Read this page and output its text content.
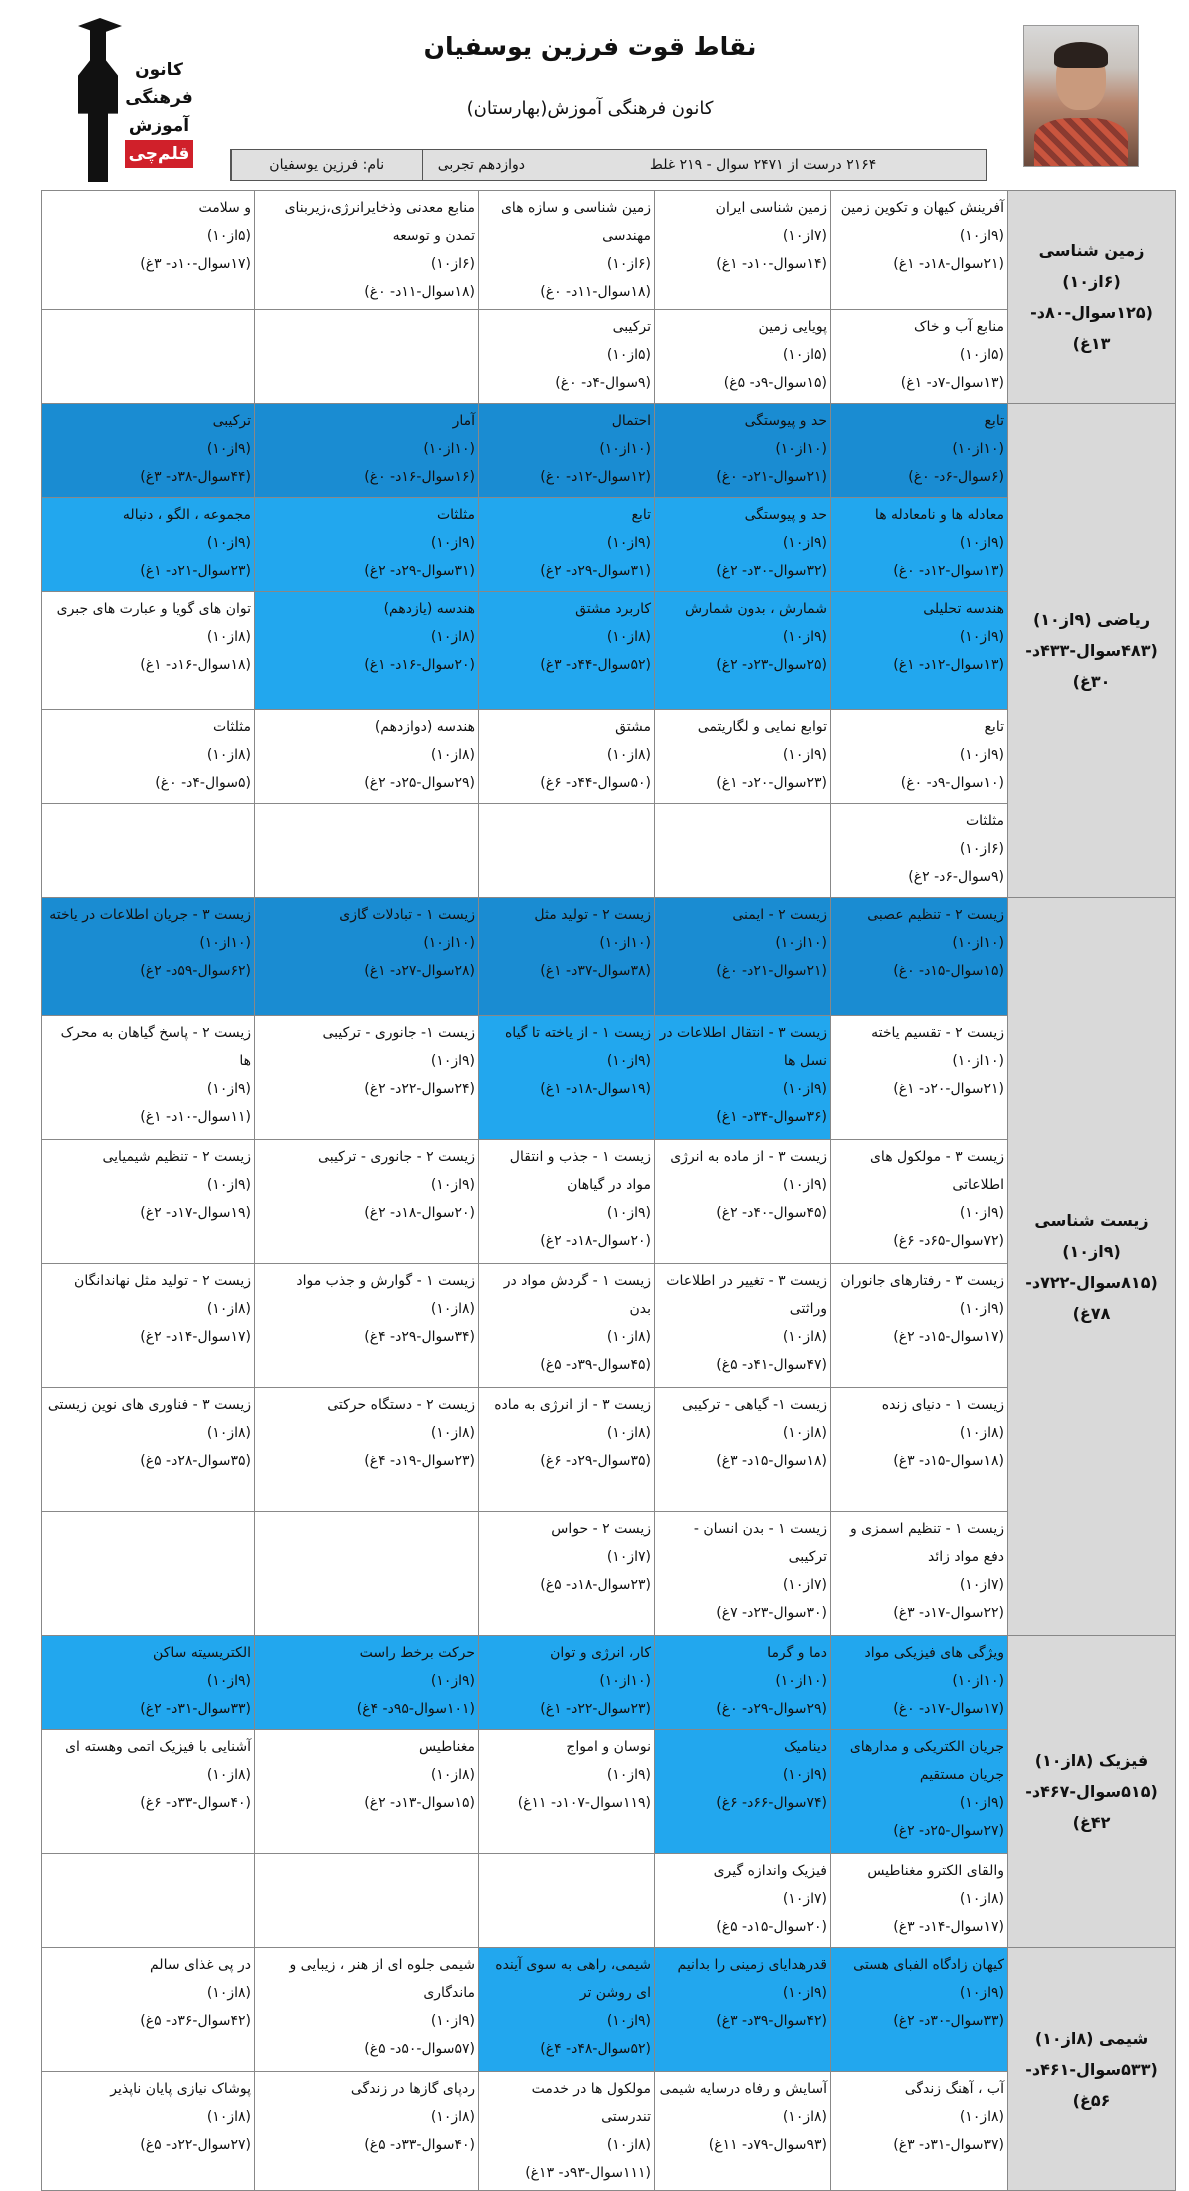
نقاط قوت فرزین یوسفیان
کانون فرهنگی آموزش(بهارستان)
نام: فرزین یوسفیان	دوازدهم تجربی	۲۱۶۴ درست از ۲۴۷۱ سوال - ۲۱۹ غلط
کانون
فرهنگی
آموزش
قلم‌چی
زمین شناسی (۶از۱۰) (۱۲۵سوال-۸۰د- ۱۳غ)	آفرینش کیهان و تکوین زمین
(۹از۱۰)
(۲۱سوال-۱۸د- ۱غ)	زمین شناسی ایران
(۷از۱۰)
(۱۴سوال-۱۰د- ۱غ)	زمین شناسی و سازه های مهندسی
(۶از۱۰)
(۱۸سوال-۱۱د- ۰غ)	منابع معدنی وذخایرانرژی،زیربنای تمدن و توسعه
(۶از۱۰)
(۱۸سوال-۱۱د- ۰غ)	و سلامت
(۵از۱۰)
(۱۷سوال-۱۰د- ۳غ)

	منابع آب و خاک
(۵از۱۰)
(۱۳سوال-۷د- ۱غ)	پویایی زمین
(۵از۱۰)
(۱۵سوال-۹د- ۵غ)	ترکیبی
(۵از۱۰)
(۹سوال-۴د- ۰غ)		

ریاضی (۹از۱۰) (۴۸۳سوال-۴۳۳د- ۳۰غ)	تابع
(۱۰از۱۰)
(۶سوال-۶د- ۰غ)	حد و پیوستگی
(۱۰از۱۰)
(۲۱سوال-۲۱د- ۰غ)	احتمال
(۱۰از۱۰)
(۱۲سوال-۱۲د- ۰غ)	آمار
(۱۰از۱۰)
(۱۶سوال-۱۶د- ۰غ)	ترکیبی
(۹از۱۰)
(۴۴سوال-۳۸د- ۳غ)

	معادله ها و نامعادله ها
(۹از۱۰)
(۱۳سوال-۱۲د- ۰غ)	حد و پیوستگی
(۹از۱۰)
(۳۲سوال-۳۰د- ۲غ)	تابع
(۹از۱۰)
(۳۱سوال-۲۹د- ۲غ)	مثلثات
(۹از۱۰)
(۳۱سوال-۲۹د- ۲غ)	مجموعه ، الگو ، دنباله
(۹از۱۰)
(۲۳سوال-۲۱د- ۱غ)

	هندسه تحلیلی
(۹از۱۰)
(۱۳سوال-۱۲د- ۱غ)	شمارش ، بدون شمارش
(۹از۱۰)
(۲۵سوال-۲۳د- ۲غ)	کاربرد مشتق
(۸از۱۰)
(۵۲سوال-۴۴د- ۳غ)	هندسه (یازدهم)
(۸از۱۰)
(۲۰سوال-۱۶د- ۱غ)	توان های گویا و عبارت های جبری
(۸از۱۰)
(۱۸سوال-۱۶د- ۱غ)

	تابع
(۹از۱۰)
(۱۰سوال-۹د- ۰غ)	توابع نمایی و لگاریتمی
(۹از۱۰)
(۲۳سوال-۲۰د- ۱غ)	مشتق
(۸از۱۰)
(۵۰سوال-۴۴د- ۶غ)	هندسه (دوازدهم)
(۸از۱۰)
(۲۹سوال-۲۵د- ۲غ)	مثلثات
(۸از۱۰)
(۵سوال-۴د- ۰غ)

	مثلثات
(۶از۱۰)
(۹سوال-۶د- ۲غ)				

زیست شناسی (۹از۱۰) (۸۱۵سوال-۷۲۲د- ۷۸غ)	زیست ۲ - تنظیم عصبی
(۱۰از۱۰)
(۱۵سوال-۱۵د- ۰غ)	زیست ۲ - ایمنی
(۱۰از۱۰)
(۲۱سوال-۲۱د- ۰غ)	زیست ۲ - تولید مثل
(۱۰از۱۰)
(۳۸سوال-۳۷د- ۱غ)	زیست ۱ - تبادلات گازی
(۱۰از۱۰)
(۲۸سوال-۲۷د- ۱غ)	زیست ۳ - جریان اطلاعات در یاخته
(۱۰از۱۰)
(۶۲سوال-۵۹د- ۲غ)

	زیست ۲ - تقسیم یاخته
(۱۰از۱۰)
(۲۱سوال-۲۰د- ۱غ)	زیست ۳ - انتقال اطلاعات در نسل ها
(۹از۱۰)
(۳۶سوال-۳۴د- ۱غ)	زیست ۱ - از یاخته تا گیاه
(۹از۱۰)
(۱۹سوال-۱۸د- ۱غ)	زیست ۱- جانوری - ترکیبی
(۹از۱۰)
(۲۴سوال-۲۲د- ۲غ)	زیست ۲ - پاسخ گیاهان به محرک ها
(۹از۱۰)
(۱۱سوال-۱۰د- ۱غ)

	زیست ۳ - مولکول های اطلاعاتی
(۹از۱۰)
(۷۲سوال-۶۵د- ۶غ)	زیست ۳ - از ماده به انرژی
(۹از۱۰)
(۴۵سوال-۴۰د- ۲غ)	زیست ۱ - جذب و انتقال مواد در گیاهان
(۹از۱۰)
(۲۰سوال-۱۸د- ۲غ)	زیست ۲ - جانوری - ترکیبی
(۹از۱۰)
(۲۰سوال-۱۸د- ۲غ)	زیست ۲ - تنظیم شیمیایی
(۹از۱۰)
(۱۹سوال-۱۷د- ۲غ)

	زیست ۳ - رفتارهای جانوران
(۹از۱۰)
(۱۷سوال-۱۵د- ۲غ)	زیست ۳ - تغییر در اطلاعات وراثتی
(۸از۱۰)
(۴۷سوال-۴۱د- ۵غ)	زیست ۱ - گردش مواد در بدن
(۸از۱۰)
(۴۵سوال-۳۹د- ۵غ)	زیست ۱ - گوارش و جذب مواد
(۸از۱۰)
(۳۴سوال-۲۹د- ۴غ)	زیست ۲ - تولید مثل نهاندانگان
(۸از۱۰)
(۱۷سوال-۱۴د- ۲غ)

	زیست ۱ - دنیای زنده
(۸از۱۰)
(۱۸سوال-۱۵د- ۳غ)	زیست ۱- گیاهی - ترکیبی
(۸از۱۰)
(۱۸سوال-۱۵د- ۳غ)	زیست ۳ - از انرژی به ماده
(۸از۱۰)
(۳۵سوال-۲۹د- ۶غ)	زیست ۲ - دستگاه حرکتی
(۸از۱۰)
(۲۳سوال-۱۹د- ۴غ)	زیست ۳ - فناوری های نوین زیستی
(۸از۱۰)
(۳۵سوال-۲۸د- ۵غ)

	زیست ۱ - تنظیم اسمزی و دفع مواد زائد
(۷از۱۰)
(۲۲سوال-۱۷د- ۳غ)	زیست ۱ - بدن انسان - ترکیبی
(۷از۱۰)
(۳۰سوال-۲۳د- ۷غ)	زیست ۲ - حواس
(۷از۱۰)
(۲۳سوال-۱۸د- ۵غ)		

فیزیک (۸از۱۰) (۵۱۵سوال-۴۶۷د- ۴۲غ)	ویژگی های فیزیکی مواد
(۱۰از۱۰)
(۱۷سوال-۱۷د- ۰غ)	دما و گرما
(۱۰از۱۰)
(۲۹سوال-۲۹د- ۰غ)	کار، انرژی و توان
(۱۰از۱۰)
(۲۳سوال-۲۲د- ۱غ)	حرکت برخط راست
(۹از۱۰)
(۱۰۱سوال-۹۵د- ۴غ)	الکتریسیته ساکن
(۹از۱۰)
(۳۳سوال-۳۱د- ۲غ)

	جریان الکتریکی و مدارهای جریان مستقیم
(۹از۱۰)
(۲۷سوال-۲۵د- ۲غ)	دینامیک
(۹از۱۰)
(۷۴سوال-۶۶د- ۶غ)	نوسان و امواج
(۹از۱۰)
(۱۱۹سوال-۱۰۷د- ۱۱غ)	مغناطیس
(۸از۱۰)
(۱۵سوال-۱۳د- ۲غ)	آشنایی با فیزیک اتمی وهسته ای
(۸از۱۰)
(۴۰سوال-۳۳د- ۶غ)

	والقای الکترو مغناطیس
(۸از۱۰)
(۱۷سوال-۱۴د- ۳غ)	فیزیک واندازه گیری
(۷از۱۰)
(۲۰سوال-۱۵د- ۵غ)			

شیمی (۸از۱۰) (۵۳۳سوال-۴۶۱د- ۵۶غ)	کیهان زادگاه الفبای هستی
(۹از۱۰)
(۳۳سوال-۳۰د- ۲غ)	قدرهدایای زمینی را بدانیم
(۹از۱۰)
(۴۲سوال-۳۹د- ۳غ)	شیمی، راهی به سوی آینده ای روشن تر
(۹از۱۰)
(۵۲سوال-۴۸د- ۴غ)	شیمی جلوه ای از هنر ، زیبایی و ماندگاری
(۹از۱۰)
(۵۷سوال-۵۰د- ۵غ)	در پی غذای سالم
(۸از۱۰)
(۴۲سوال-۳۶د- ۵غ)

	آب ، آهنگ زندگی
(۸از۱۰)
(۳۷سوال-۳۱د- ۳غ)	آسایش و رفاه درسایه شیمی
(۸از۱۰)
(۹۳سوال-۷۹د- ۱۱غ)	مولکول ها در خدمت تندرستی
(۸از۱۰)
(۱۱۱سوال-۹۳د- ۱۳غ)	ردپای گازها در زندگی
(۸از۱۰)
(۴۰سوال-۳۳د- ۵غ)	پوشاک نیازی پایان ناپذیر
(۸از۱۰)
(۲۷سوال-۲۲د- ۵غ)
